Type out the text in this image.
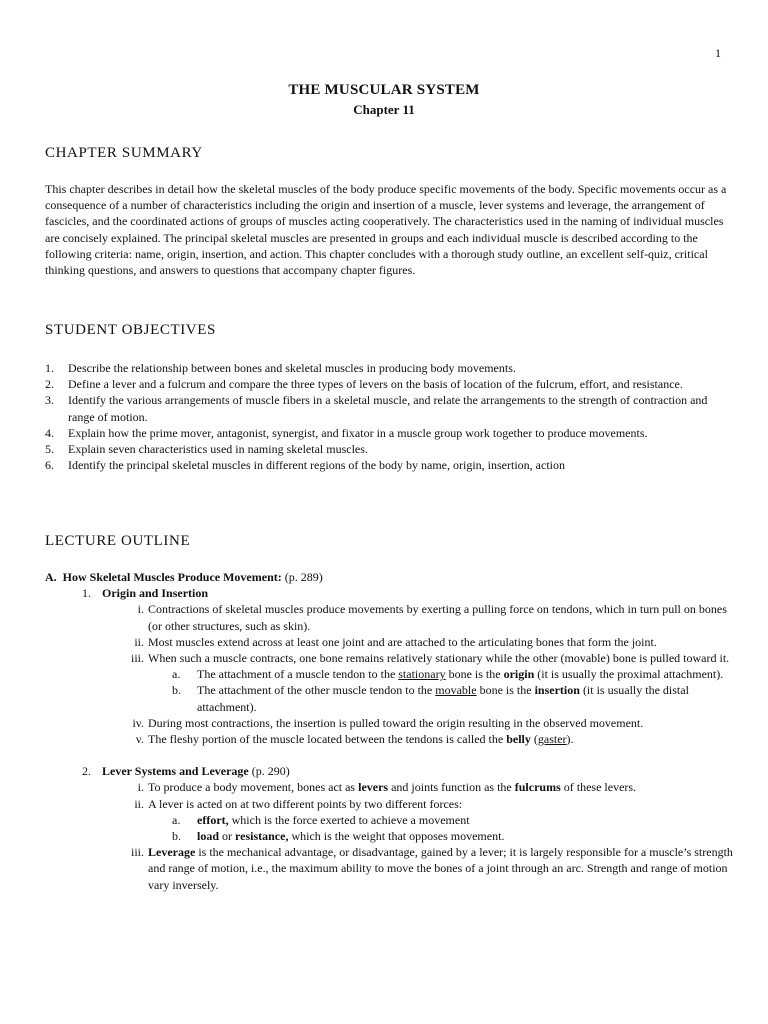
1
THE MUSCULAR SYSTEM
Chapter 11
CHAPTER SUMMARY

This chapter describes in detail how the skeletal muscles of the body produce specific movements of the body. Specific movements occur as a consequence of a number of characteristics including the origin and insertion of a muscle, lever systems and leverage, the arrangement of fascicles, and the coordinated actions of groups of muscles acting cooperatively. The characteristics used in the naming of individual muscles are concisely explained. The principal skeletal muscles are presented in groups and each individual muscle is described according to the following criteria: name, origin, insertion, and action. This chapter concludes with a thorough study outline, an excellent self-quiz, critical thinking questions, and answers to questions that accompany chapter figures.

STUDENT OBJECTIVES
1. Describe the relationship between bones and skeletal muscles in producing body movements.
2. Define a lever and a fulcrum and compare the three types of levers on the basis of location of the fulcrum, effort, and resistance.
3. Identify the various arrangements of muscle fibers in a skeletal muscle, and relate the arrangements to the strength of contraction and range of motion.
4. Explain how the prime mover, antagonist, synergist, and fixator in a muscle group work together to produce movements.
5. Explain seven characteristics used in naming skeletal muscles.
6. Identify the principal skeletal muscles in different regions of the body by name, origin, insertion, action
LECTURE OUTLINE
A. How Skeletal Muscles Produce Movement: (p. 289)
1. Origin and Insertion
i. Contractions of skeletal muscles produce movements by exerting a pulling force on tendons, which in turn pull on bones (or other structures, such as skin).
ii. Most muscles extend across at least one joint and are attached to the articulating bones that form the joint.
iii. When such a muscle contracts, one bone remains relatively stationary while the other (movable) bone is pulled toward it.
a. The attachment of a muscle tendon to the stationary bone is the origin (it is usually the proximal attachment).
b. The attachment of the other muscle tendon to the movable bone is the insertion (it is usually the distal attachment).
iv. During most contractions, the insertion is pulled toward the origin resulting in the observed movement.
v. The fleshy portion of the muscle located between the tendons is called the belly (gaster).
2. Lever Systems and Leverage (p. 290)
i. To produce a body movement, bones act as levers and joints function as the fulcrums of these levers.
ii. A lever is acted on at two different points by two different forces:
a. effort, which is the force exerted to achieve a movement
b. load or resistance, which is the weight that opposes movement.
iii. Leverage is the mechanical advantage, or disadvantage, gained by a lever; it is largely responsible for a muscle’s strength and range of motion, i.e., the maximum ability to move the bones of a joint through an arc. Strength and range of motion vary inversely.
